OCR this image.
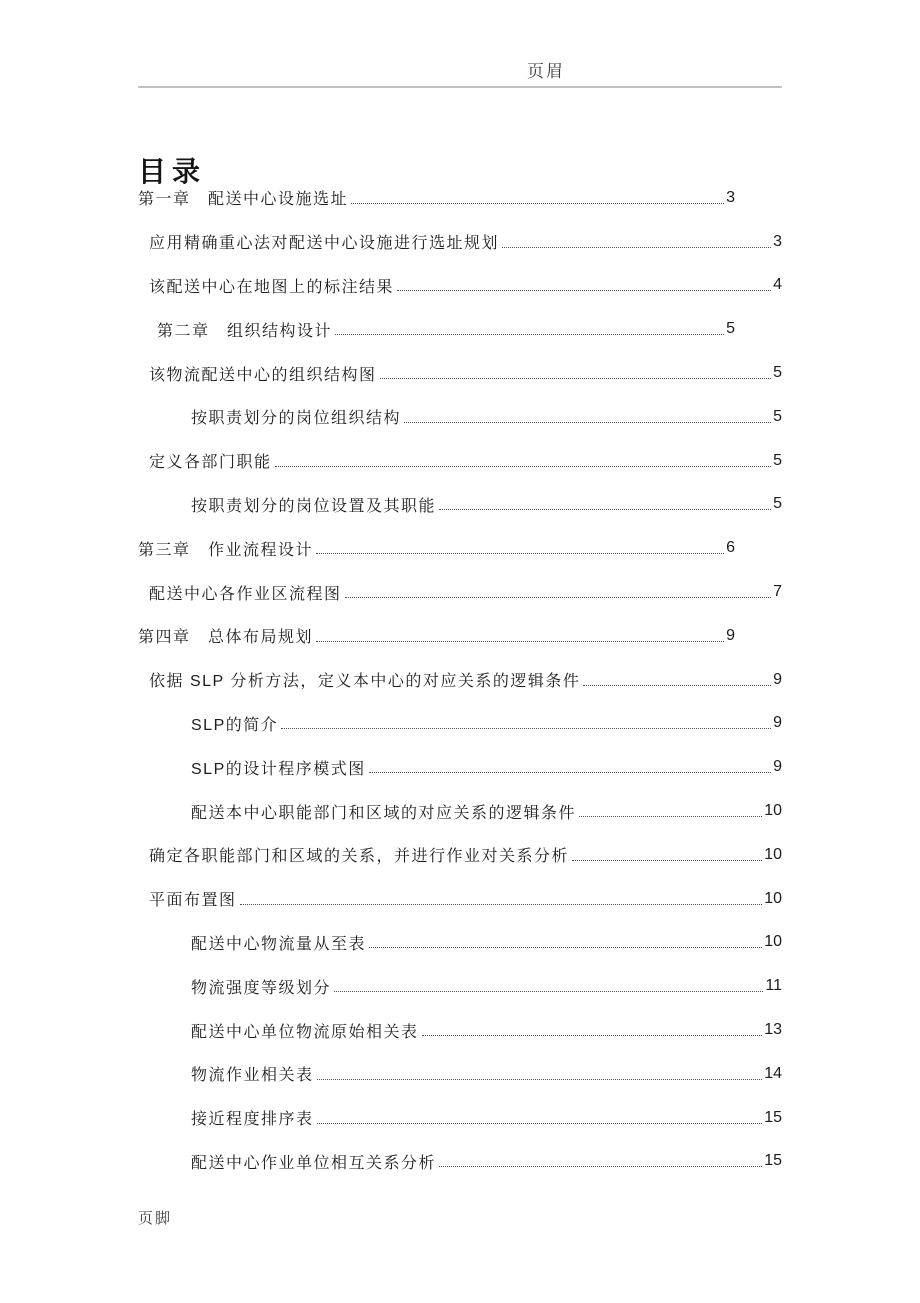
页眉
目录
第一章　配送中心设施选址	3
应用精确重心法对配送中心设施进行选址规划	3
该配送中心在地图上的标注结果	4
第二章　组织结构设计	5
该物流配送中心的组织结构图	5
按职责划分的岗位组织结构	5
定义各部门职能	5
按职责划分的岗位设置及其职能	5
第三章　作业流程设计	6
配送中心各作业区流程图	7
第四章　总体布局规划	9
依据 SLP 分析方法，定义本中心的对应关系的逻辑条件	9
SLP的简介	9
SLP的设计程序模式图	9
配送本中心职能部门和区域的对应关系的逻辑条件	10
确定各职能部门和区域的关系，并进行作业对关系分析	10
平面布置图	10
配送中心物流量从至表	10
物流强度等级划分	11
配送中心单位物流原始相关表	13
物流作业相关表	14
接近程度排序表	15
配送中心作业单位相互关系分析	15
页脚
